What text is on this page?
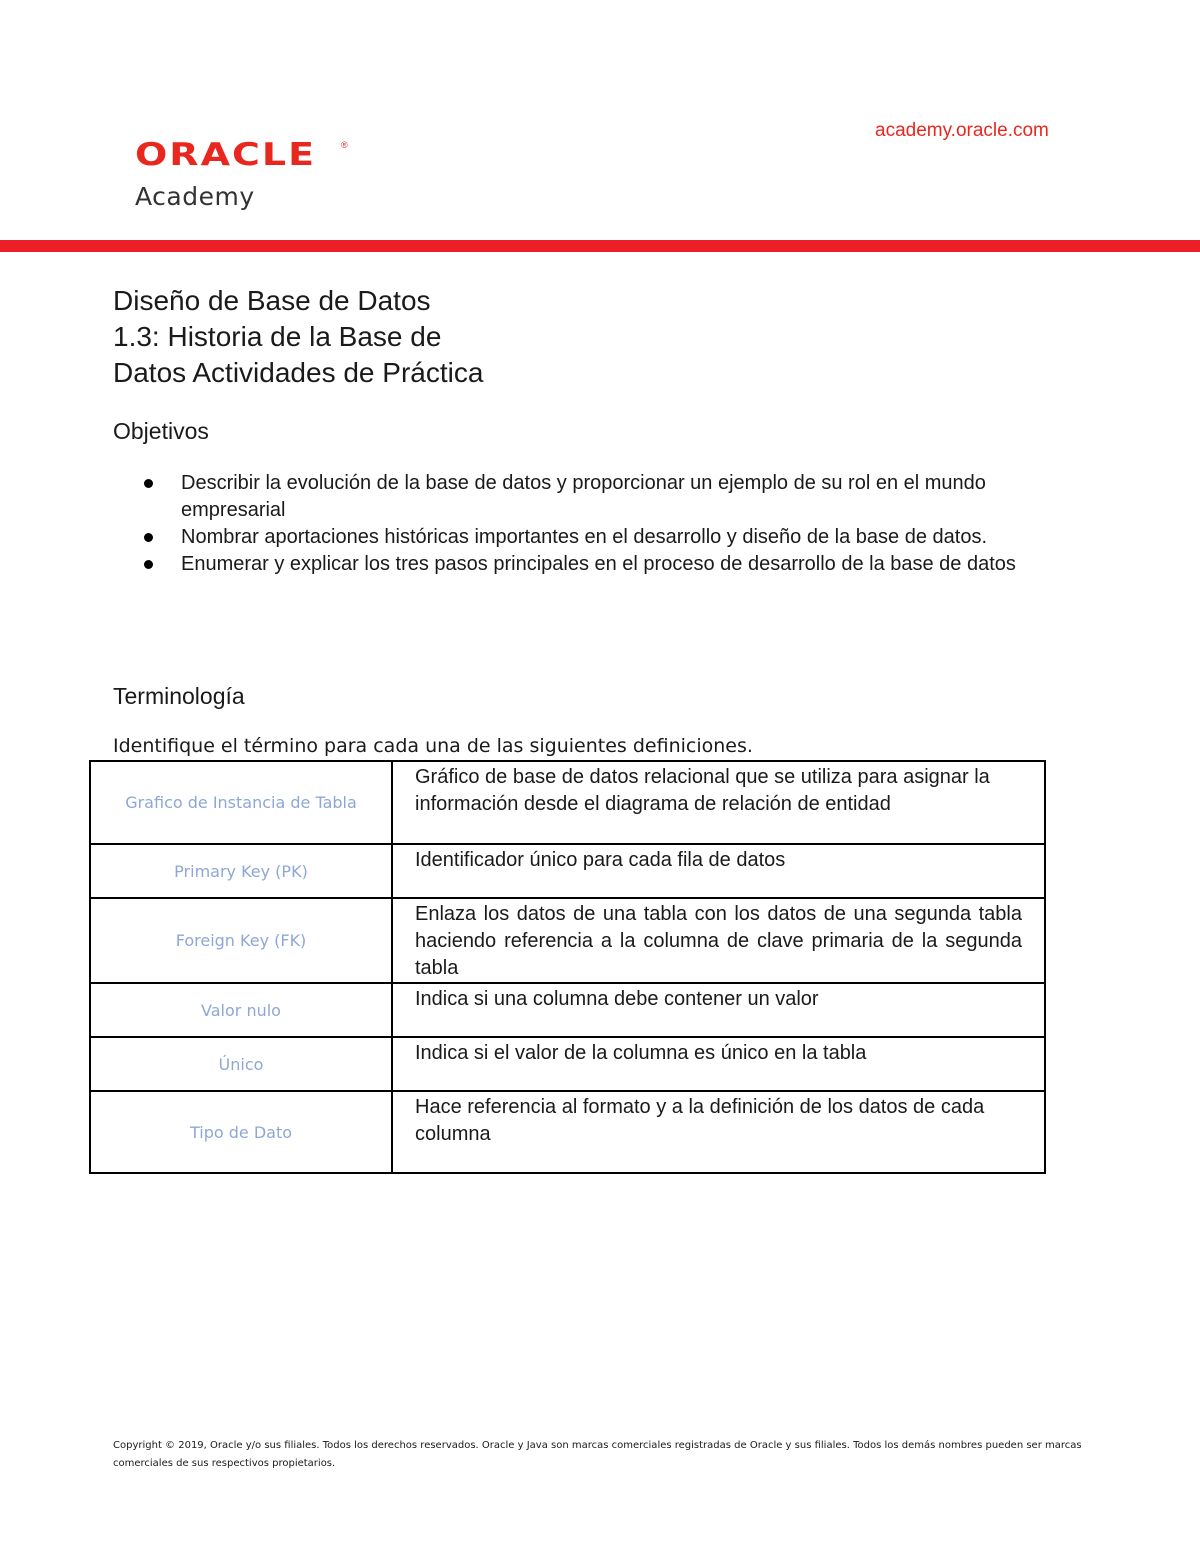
ORACLE	®
Academy
academy.oracle.com
Diseño de Base de Datos
1.3: Historia de la Base de
Datos Actividades de Práctica
Objetivos
Describir la evolución de la base de datos y proporcionar un ejemplo de su rol en el mundo empresarial
Nombrar aportaciones históricas importantes en el desarrollo y diseño de la base de datos.
Enumerar y explicar los tres pasos principales en el proceso de desarrollo de la base de datos
Terminología

Identifique el término para cada una de las siguientes definiciones.

Grafico de Instancia de Tabla	Gráfico de base de datos relacional que se utiliza para asignar la información desde el diagrama de relación de entidad
Primary Key (PK)	Identificador único para cada fila de datos
Foreign Key (FK)	Enlaza los datos de una tabla con los datos de una segunda tabla haciendo referencia a la columna de clave primaria de la segunda tabla
Valor nulo	Indica si una columna debe contener un valor
Único	Indica si el valor de la columna es único en la tabla
Tipo de Dato	Hace referencia al formato y a la definición de los datos de cada columna

Copyright © 2019, Oracle y/o sus filiales. Todos los derechos reservados. Oracle y Java son marcas comerciales registradas de Oracle y sus filiales. Todos los demás nombres pueden ser marcas comerciales de sus respectivos propietarios.
